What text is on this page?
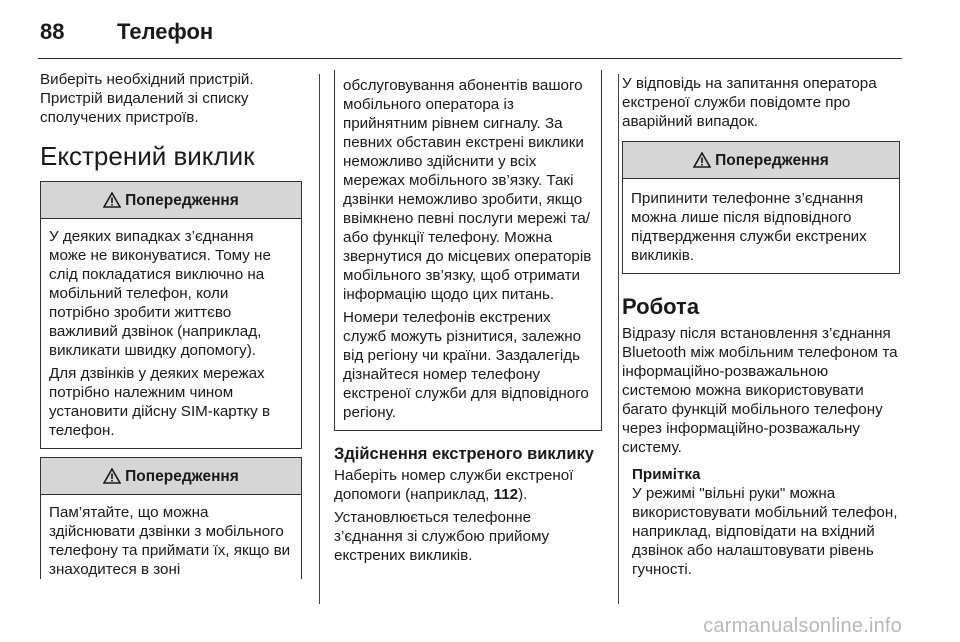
88	Телефон

Виберіть необхідний пристрій. Пристрій видалений зі списку сполучених пристроїв.

Екстрений виклик
Попередження

У деяких випадках з’єднання може не виконуватися. Тому не слід покладатися виключно на мобільний телефон, коли потрібно зробити життєво важливий дзвінок (наприклад, викликати швидку допомогу).

Для дзвінків у деяких мережах потрібно належним чином установити дійсну SIM-картку в телефон.

Попередження

Пам’ятайте, що можна здійснювати дзвінки з мобільного телефону та приймати їх, якщо ви знаходитеся в зоні

обслуговування абонентів вашого мобільного оператора із прийнятним рівнем сигналу. За певних обставин екстрені виклики неможливо здійснити у всіх мережах мобільного зв’язку. Такі дзвінки неможливо зробити, якщо ввімкнено певні послуги мережі та/або функції телефону. Можна звернутися до місцевих операторів мобільного зв’язку, щоб отримати інформацію щодо цих питань.

Номери телефонів екстрених служб можуть різнитися, залежно від регіону чи країни. Заздалегідь дізнайтеся номер телефону екстреної служби для відповідного регіону.

Здійснення екстреного виклику

Наберіть номер служби екстреної допомоги (наприклад, 112).

Установлюється телефонне з’єднання зі службою прийому екстрених викликів.

У відповідь на запитання оператора екстреної служби повідомте про аварійний випадок.

Попередження

Припинити телефонне з’єднання можна лише після відповідного підтвердження служби екстрених викликів.

Робота

Відразу після встановлення з’єднання Bluetooth між мобільним телефоном та інформаційно-розважальною системою можна використовувати багато функцій мобільного телефону через інформаційно-розважальну систему.

Примітка

У режимі "вільні руки" можна використовувати мобільний телефон, наприклад, відповідати на вхідний дзвінок або налаштовувати рівень гучності.

carmanualsonline.info
